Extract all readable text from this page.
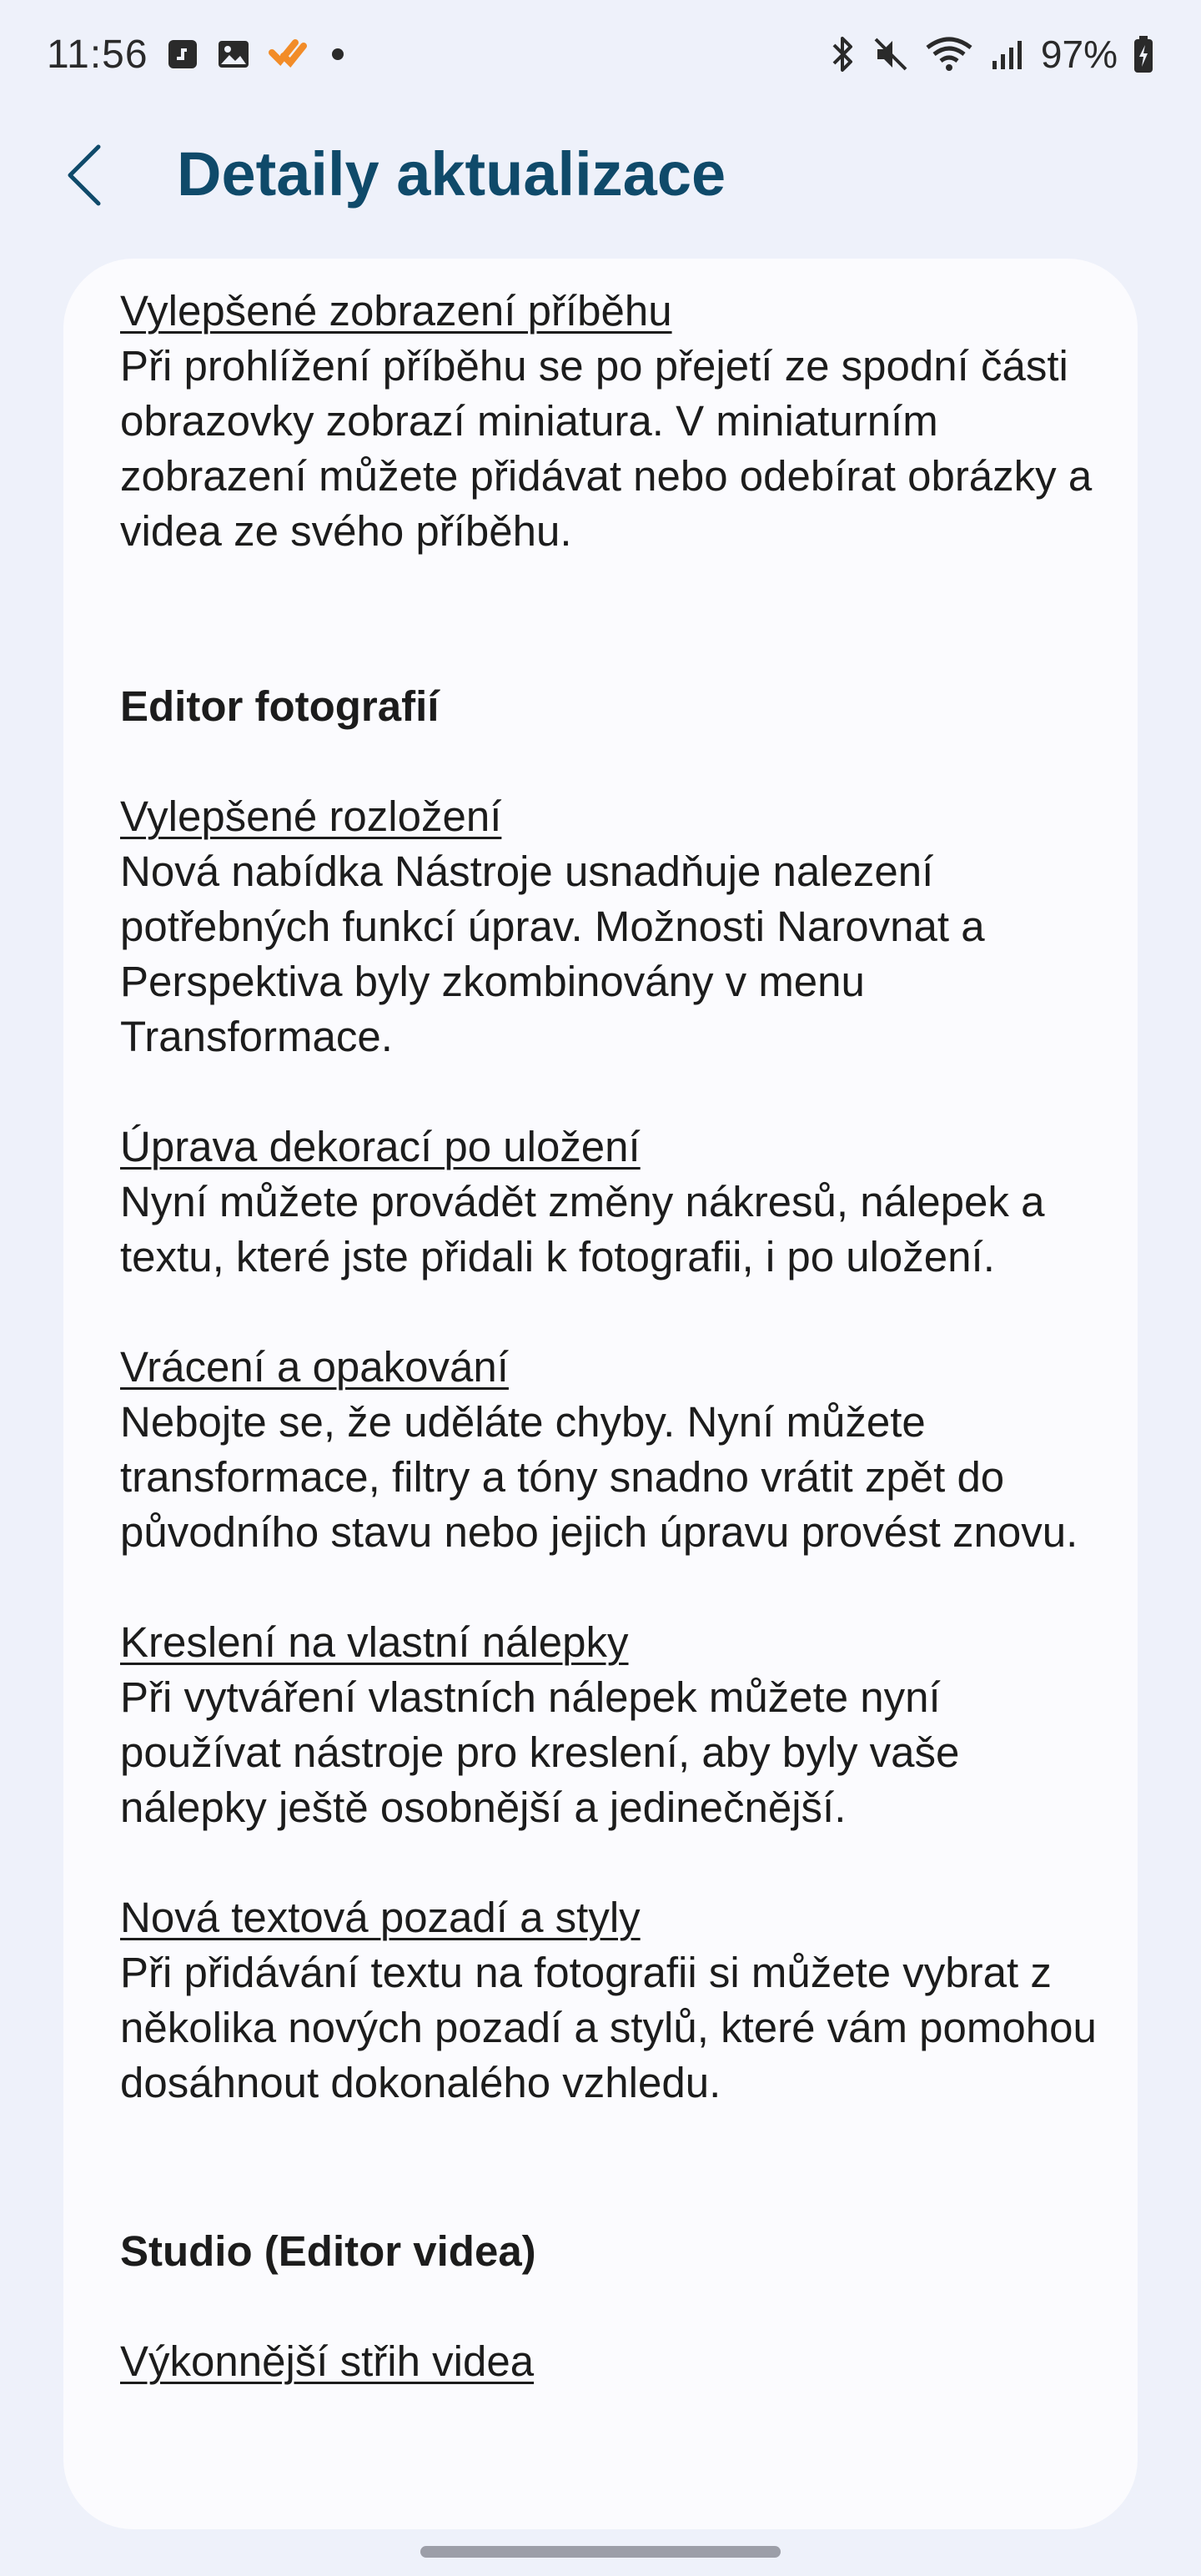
11:56	97%
Detaily aktualizace
Vylepšené zobrazení příběhu
Při prohlížení příběhu se po přejetí ze spodní části obrazovky zobrazí miniatura. V miniaturním zobrazení můžete přidávat nebo odebírat obrázky a videa ze svého příběhu.
Editor fotografií
Vylepšené rozložení
Nová nabídka Nástroje usnadňuje nalezení potřebných funkcí úprav. Možnosti Narovnat a Perspektiva byly zkombinovány v menu Transformace.
Úprava dekorací po uložení
Nyní můžete provádět změny nákresů, nálepek a textu, které jste přidali k fotografii, i po uložení.
Vrácení a opakování
Nebojte se, že uděláte chyby. Nyní můžete transformace, filtry a tóny snadno vrátit zpět do původního stavu nebo jejich úpravu provést znovu.
Kreslení na vlastní nálepky
Při vytváření vlastních nálepek můžete nyní používat nástroje pro kreslení, aby byly vaše nálepky ještě osobnější a jedinečnější.
Nová textová pozadí a styly
Při přidávání textu na fotografii si můžete vybrat z několika nových pozadí a stylů, které vám pomohou dosáhnout dokonalého vzhledu.
Studio (Editor videa)
Výkonnější střih videa
